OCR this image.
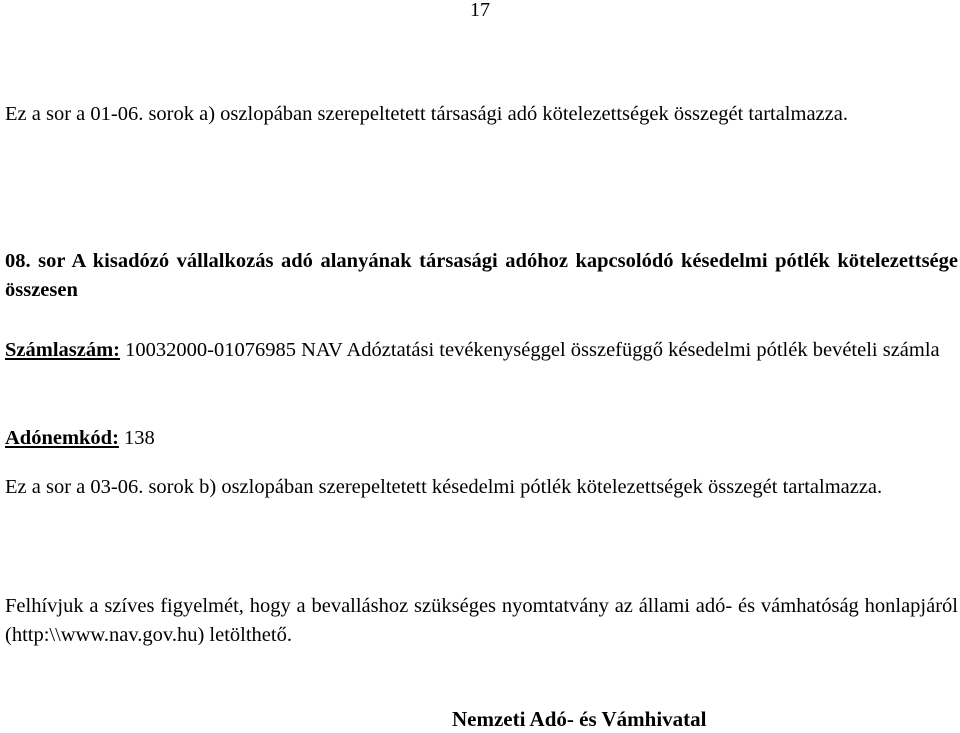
17

Ez a sor a 01-06. sorok a) oszlopában szerepeltetett társasági adó kötelezettségek összegét tartalmazza.

08. sor A kisadózó vállalkozás adó alanyának társasági adóhoz kapcsolódó késedelmi pótlék kötelezettsége összesen

Számlaszám: 10032000-01076985 NAV Adóztatási tevékenységgel összefüggő késedelmi pótlék bevételi számla

Adónemkód: 138

Ez a sor a 03-06. sorok b) oszlopában szerepeltetett késedelmi pótlék kötelezettségek összegét tartalmazza.

Felhívjuk a szíves figyelmét, hogy a bevalláshoz szükséges nyomtatvány az állami adó- és vámhatóság honlapjáról (http:\\www.nav.gov.hu) letölthető.

Nemzeti Adó- és Vámhivatal
